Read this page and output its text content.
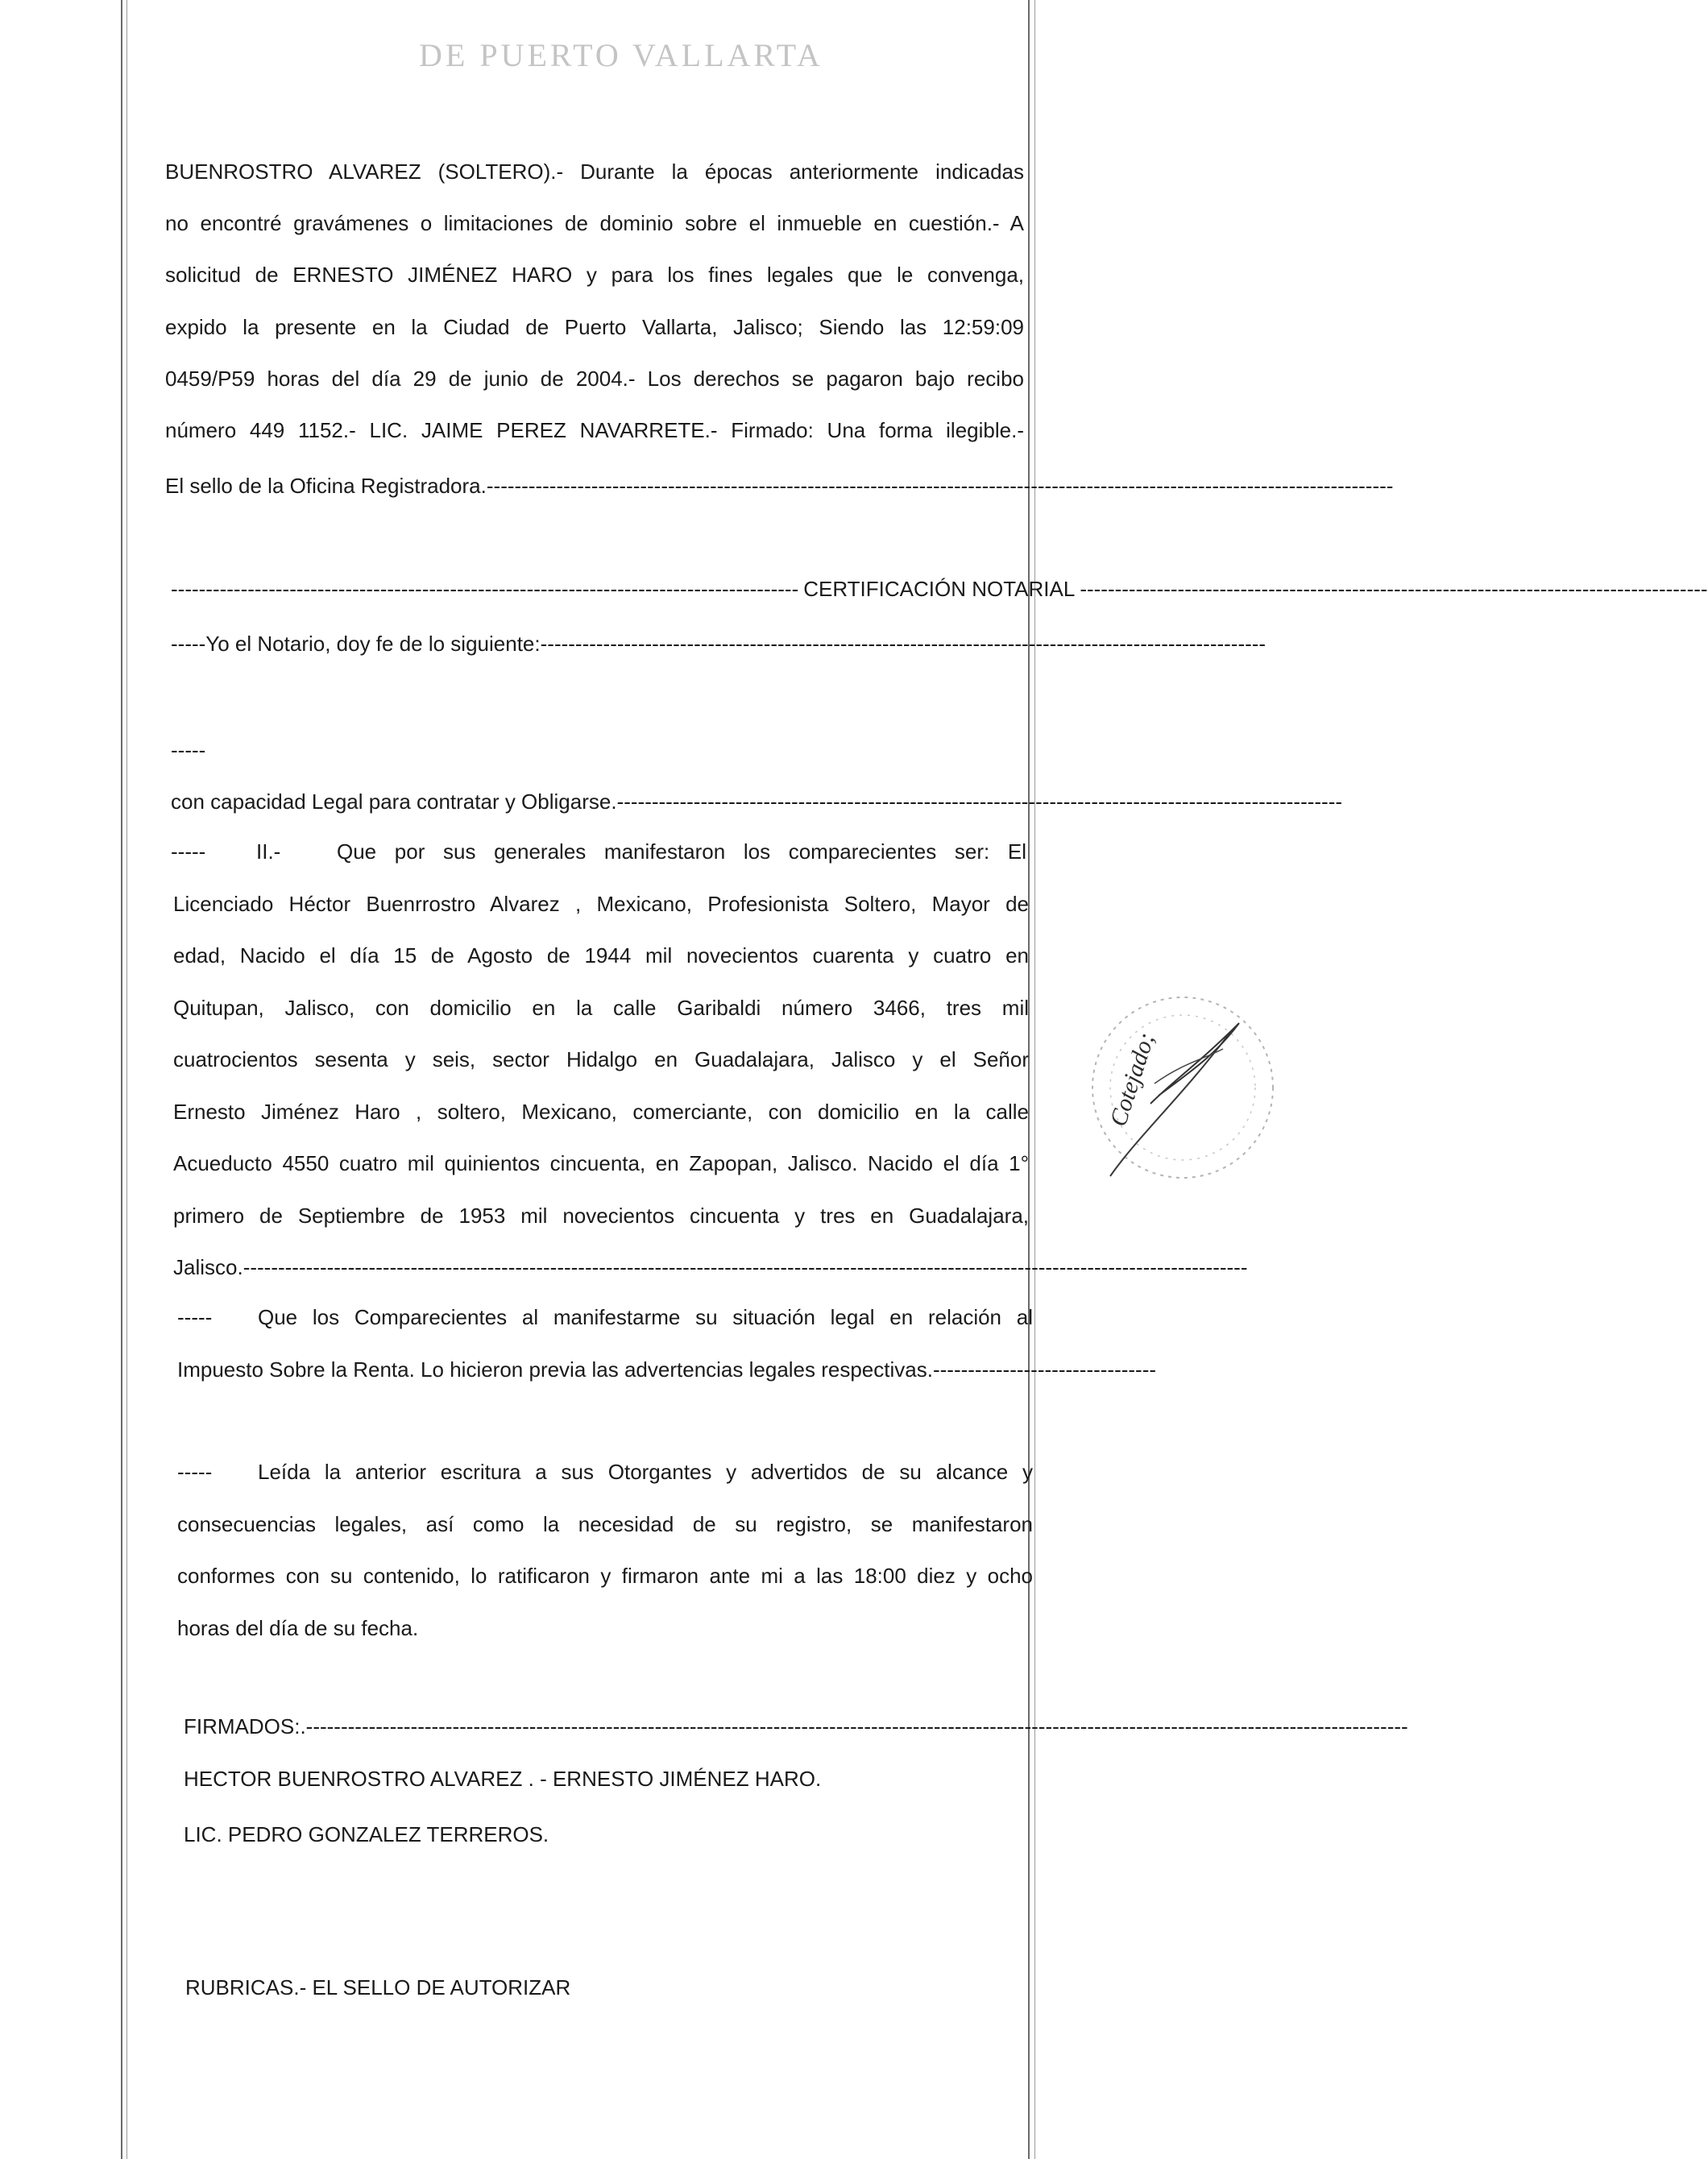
DE PUERTO VALLARTA
BUENROSTRO ALVAREZ (SOLTERO).- Durante la épocas anteriormente indicadas
no encontré gravámenes o limitaciones de dominio sobre el inmueble en cuestión.- A
solicitud de ERNESTO JIMÉNEZ HARO y para los fines legales que le convenga,
expido la presente en la Ciudad de Puerto Vallarta, Jalisco; Siendo las 12:59:09
0459/P59 horas del día 29 de junio de 2004.- Los derechos se pagaron bajo recibo
número 449 1152.- LIC. JAIME PEREZ NAVARRETE.- Firmado: Una forma ilegible.-
El sello de la Oficina Registradora. ----------------------------------------------------------------------------------------------------------------------------------
------------------------------------------------------------------------------------------ CERTIFICACIÓN NOTARIAL ------------------------------------------------------------------------------------------
----- Yo el Notario, doy fe de lo siguiente: --------------------------------------------------------------------------------------------------------
-----
con capacidad Legal para contratar y Obligarse. --------------------------------------------------------------------------------------------------------
-----	II.-	Que por sus generales manifestaron los comparecientes ser: El
Licenciado Héctor Buenrrostro Alvarez , Mexicano, Profesionista Soltero, Mayor de
edad, Nacido el día 15 de Agosto de 1944 mil novecientos cuarenta y cuatro en
Quitupan, Jalisco, con domicilio en la calle Garibaldi número 3466, tres mil
cuatrocientos sesenta y seis, sector Hidalgo en Guadalajara, Jalisco y el Señor
Ernesto Jiménez Haro , soltero, Mexicano, comerciante, con domicilio en la calle
Acueducto 4550 cuatro mil quinientos cincuenta, en Zapopan, Jalisco. Nacido el día 1°
primero de Septiembre de 1953 mil novecientos cincuenta y tres en Guadalajara,
Jalisco. ------------------------------------------------------------------------------------------------------------------------------------------------
-----	Que los Comparecientes al manifestarme su situación legal en relación al
Impuesto Sobre la Renta. Lo hicieron previa las advertencias legales respectivas. --------------------------------
-----	Leída la anterior escritura a sus Otorgantes y advertidos de su alcance y
consecuencias legales, así como la necesidad de su registro, se manifestaron
conformes con su contenido, lo ratificaron y firmaron ante mi a las 18:00 diez y ocho
horas del día de su fecha.
FIRMADOS:. --------------------------------------------------------------------------------------------------------------------------------------------------------------
HECTOR BUENROSTRO ALVAREZ . - ERNESTO JIMÉNEZ HARO.
LIC. PEDRO GONZALEZ TERREROS.
RUBRICAS.- EL SELLO DE AUTORIZAR
Cotejado;
